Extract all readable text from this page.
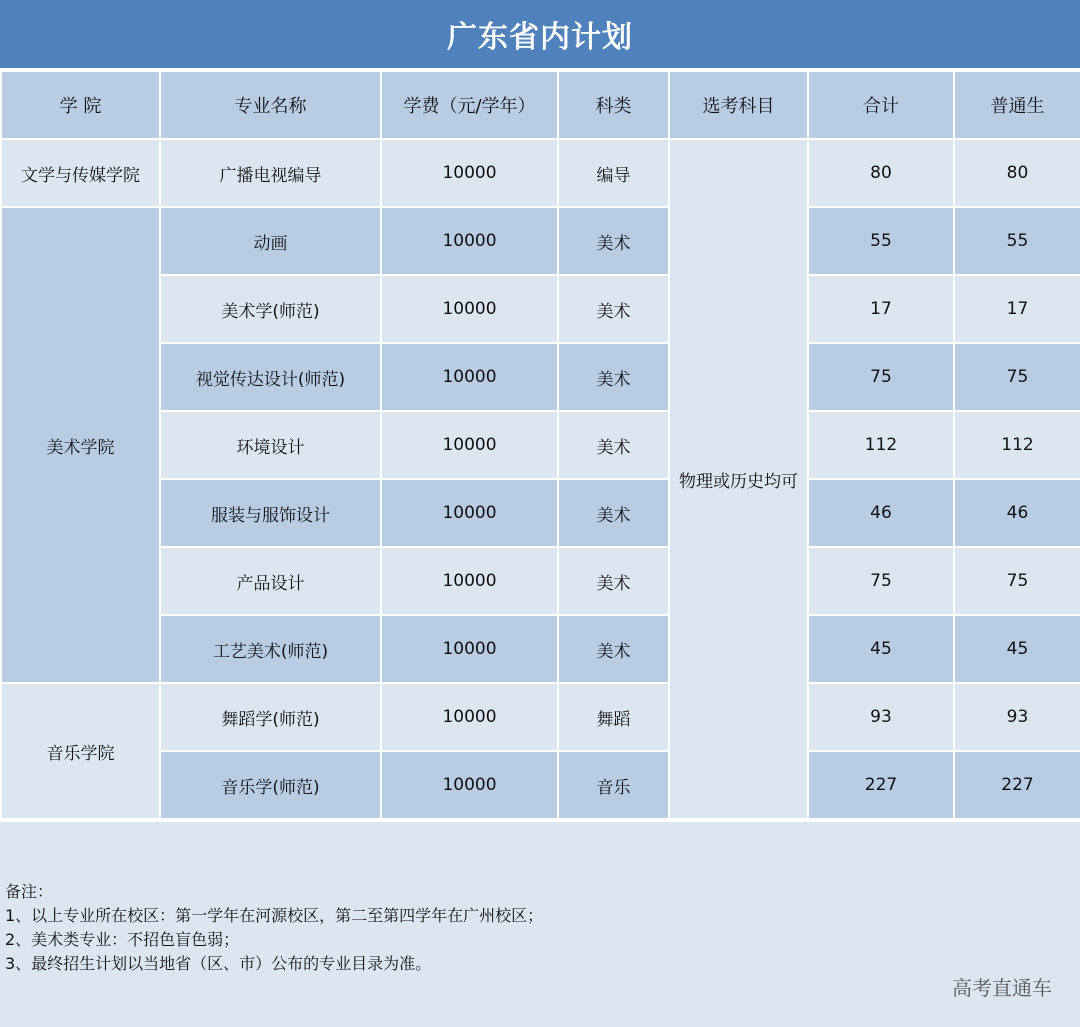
广东省内计划
学 院	专业名称	学费（元/学年）	科类	选考科目	合计	普通生
文学与传媒学院	广播电视编导	10000	编导	物理或历史均可	80	80
美术学院	动画	10000	美术		55	55
	美术学(师范)	10000	美术		17	17
	视觉传达设计(师范)	10000	美术		75	75
	环境设计	10000	美术		112	112
	服装与服饰设计	10000	美术		46	46
	产品设计	10000	美术		75	75
	工艺美术(师范)	10000	美术		45	45
音乐学院	舞蹈学(师范)	10000	舞蹈		93	93
	音乐学(师范)	10000	音乐		227	227
备注：
1、以上专业所在校区：第一学年在河源校区，第二至第四学年在广州校区；
2、美术类专业：不招色盲色弱；
3、最终招生计划以当地省（区、市）公布的专业目录为准。
高考直通车
